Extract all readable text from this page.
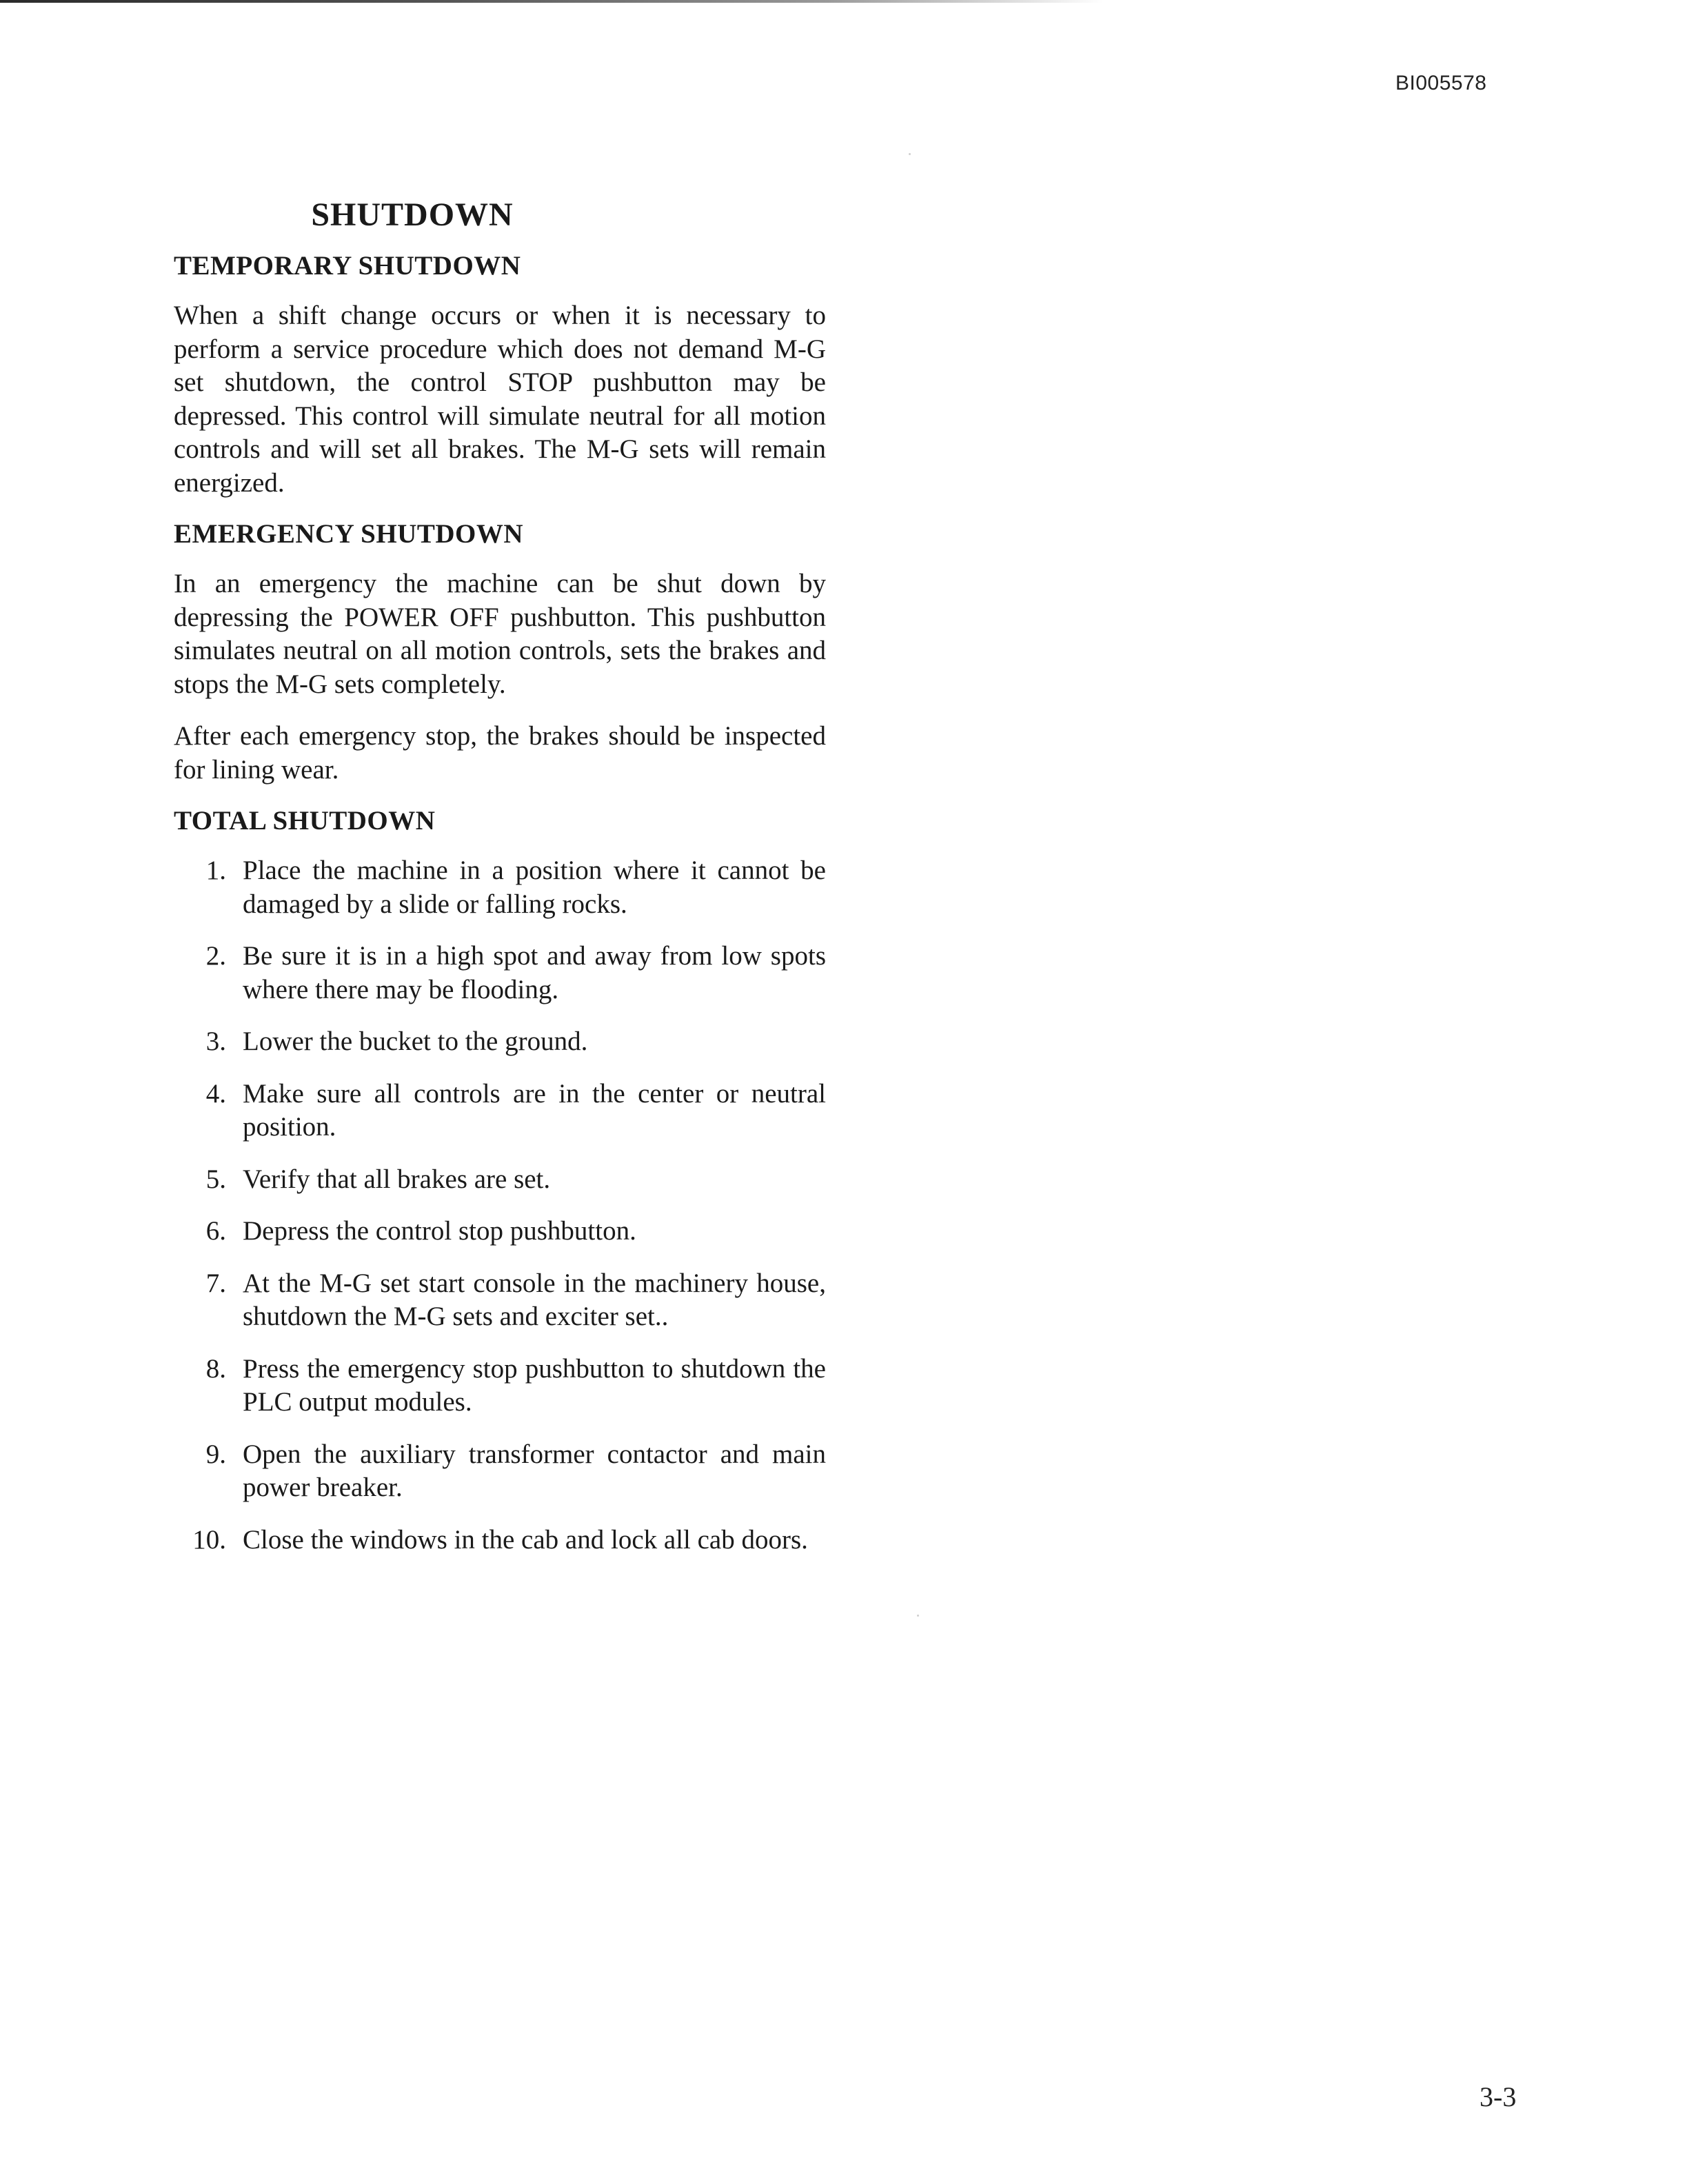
BI005578
SHUTDOWN
TEMPORARY SHUTDOWN

When a shift change occurs or when it is necessary to perform a service procedure which does not demand M-G set shutdown, the control STOP pushbutton may be depressed. This control will simulate neutral for all motion controls and will set all brakes. The M-G sets will remain energized.

EMERGENCY SHUTDOWN

In an emergency the machine can be shut down by depressing the POWER OFF pushbutton. This pushbutton simulates neutral on all motion controls, sets the brakes and stops the M-G sets completely.

After each emergency stop, the brakes should be inspected for lining wear.

TOTAL SHUTDOWN
1. Place the machine in a position where it cannot be damaged by a slide or falling rocks.
2. Be sure it is in a high spot and away from low spots where there may be flooding.
3. Lower the bucket to the ground.
4. Make sure all controls are in the center or neutral position.
5. Verify that all brakes are set.
6. Depress the control stop pushbutton.
7. At the M-G set start console in the machinery house, shutdown the M-G sets and exciter set..
8. Press the emergency stop pushbutton to shutdown the PLC output modules.
9. Open the auxiliary transformer contactor and main power breaker.
10. Close the windows in the cab and lock all cab doors.
3-3
